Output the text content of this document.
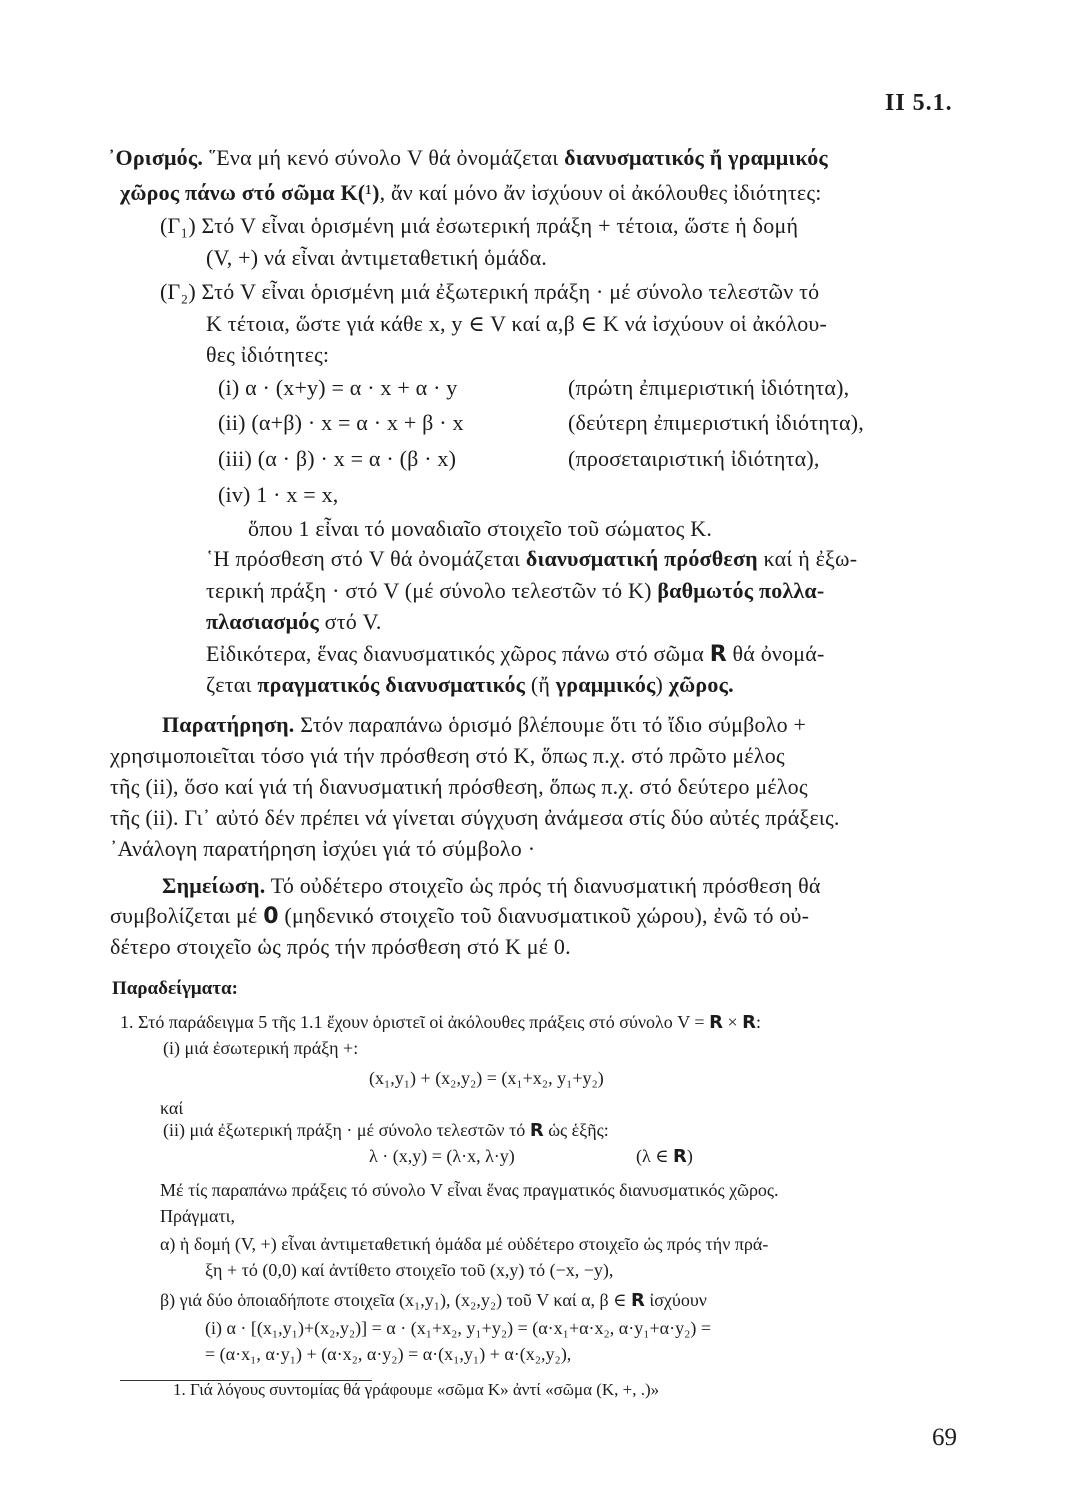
II 5.1.
᾽Ορισμός. ῞Ενα μή κενό σύνολο V θά ὀνομάζεται διανυσματικός ἤ γραμμικός
χῶρος πάνω στό σῶμα Κ(¹), ἄν καί μόνο ἄν ἰσχύουν οἱ ἀκόλουθες ἰδιότητες:
(Γ₁) Στό V εἶναι ὁρισμένη μιά ἐσωτερική πράξη + τέτοια, ὥστε ἡ δομή
(V, +) νά εἶναι ἀντιμεταθετική ὁμάδα.
(Γ₂) Στό V εἶναι ὁρισμένη μιά ἐξωτερική πράξη · μέ σύνολο τελεστῶν τό
Κ τέτοια, ὥστε γιά κάθε x, y ∈ V καί α,β ∈ Κ νά ἰσχύουν οἱ ἀκόλου-
θες ἰδιότητες:
(i) α · (x+y) = α · x + α · y	(πρώτη ἐπιμεριστική ἰδιότητα),
(ii) (α+β) · x = α · x + β · x	(δεύτερη ἐπιμεριστική ἰδιότητα),
(iii) (α · β) · x = α · (β · x)	(προσεταιριστική ἰδιότητα),
(iv) 1 · x = x,
ὅπου 1 εἶναι τό μοναδιαῖο στοιχεῖο τοῦ σώματος Κ.
῾Η πρόσθεση στό V θά ὀνομάζεται διανυσματική πρόσθεση καί ἡ ἐξω-
τερική πράξη · στό V (μέ σύνολο τελεστῶν τό Κ) βαθμωτός πολλα-
πλασιασμός στό V.
Εἰδικότερα, ἕνας διανυσματικός χῶρος πάνω στό σῶμα R θά ὀνομά-
ζεται πραγματικός διανυσματικός (ἤ γραμμικός) χῶρος.
Παρατήρηση. Στόν παραπάνω ὁρισμό βλέπουμε ὅτι τό ἴδιο σύμβολο +
χρησιμοποιεῖται τόσο γιά τήν πρόσθεση στό Κ, ὅπως π.χ. στό πρῶτο μέλος
τῆς (ii), ὅσο καί γιά τή διανυσματική πρόσθεση, ὅπως π.χ. στό δεύτερο μέλος
τῆς (ii). Γι᾽ αὐτό δέν πρέπει νά γίνεται σύγχυση ἀνάμεσα στίς δύο αὐτές πράξεις.
᾽Ανάλογη παρατήρηση ἰσχύει γιά τό σύμβολο ·
Σημείωση. Τό οὐδέτερο στοιχεῖο ὡς πρός τή διανυσματική πρόσθεση θά
συμβολίζεται μέ 0 (μηδενικό στοιχεῖο τοῦ διανυσματικοῦ χώρου), ἐνῶ τό οὐ-
δέτερο στοιχεῖο ὡς πρός τήν πρόσθεση στό Κ μέ 0.
Παραδείγματα:
1. Στό παράδειγμα 5 τῆς 1.1 ἔχουν ὁριστεῖ οἱ ἀκόλουθες πράξεις στό σύνολο V = R × R:
(i) μιά ἐσωτερική πράξη +:
(x₁,y₁) + (x₂,y₂) = (x₁+x₂, y₁+y₂)
καί
(ii) μιά ἐξωτερική πράξη · μέ σύνολο τελεστῶν τό R ὡς ἑξῆς:
λ · (x,y) = (λ·x, λ·y)	(λ ∈ R)
Μέ τίς παραπάνω πράξεις τό σύνολο V εἶναι ἕνας πραγματικός διανυσματικός χῶρος.
Πράγματι,
α) ἡ δομή (V, +) εἶναι ἀντιμεταθετική ὁμάδα μέ οὐδέτερο στοιχεῖο ὡς πρός τήν πρά-
ξη + τό (0,0) καί ἀντίθετο στοιχεῖο τοῦ (x,y) τό (−x, −y),
β) γιά δύο ὁποιαδήποτε στοιχεῖα (x₁,y₁), (x₂,y₂) τοῦ V καί α, β ∈ R ἰσχύουν
(i) α · [(x₁,y₁)+(x₂,y₂)] = α · (x₁+x₂, y₁+y₂) = (α·x₁+α·x₂, α·y₁+α·y₂) =
= (α·x₁, α·y₁) + (α·x₂, α·y₂) = α·(x₁,y₁) + α·(x₂,y₂),
1. Γιά λόγους συντομίας θά γράφουμε «σῶμα Κ» ἀντί «σῶμα (Κ, +, .)»
69
